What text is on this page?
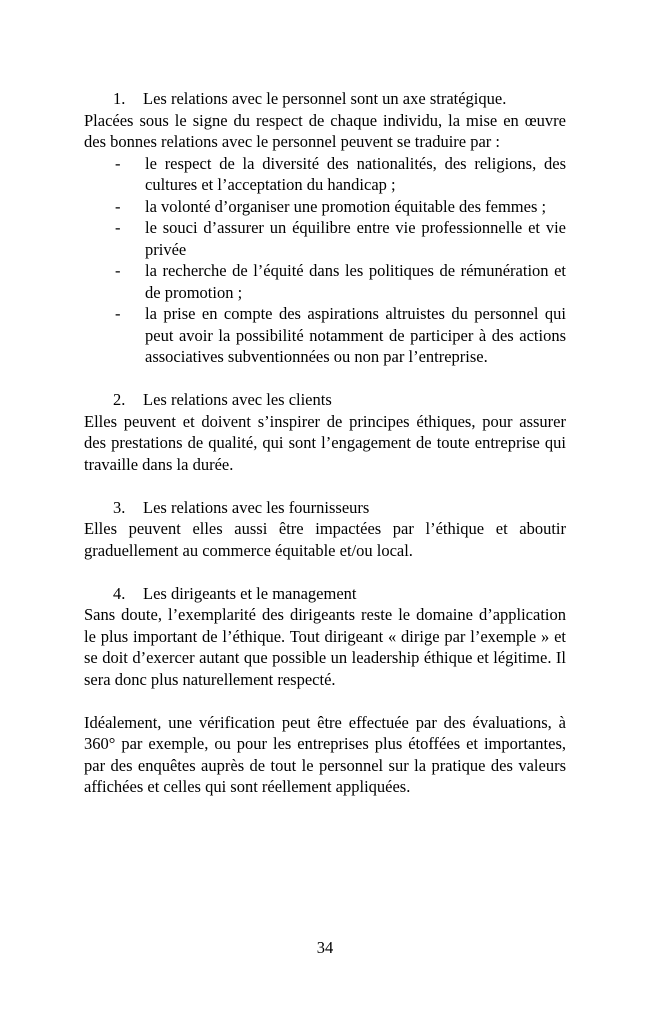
1. Les relations avec le personnel sont un axe stratégique.

Placées sous le signe du respect de chaque individu, la mise en œuvre des bonnes relations avec le personnel peuvent se traduire par :

- le respect de la diversité des nationalités, des religions, des cultures et l’acceptation du handicap ;
- la volonté d’organiser une promotion équitable des femmes ;
- le souci d’assurer un équilibre entre vie professionnelle et vie privée
- la recherche de l’équité dans les politiques de rémunération et de promotion ;
- la prise en compte des aspirations altruistes du personnel qui peut avoir la possibilité notamment de participer à des actions associatives subventionnées ou non par l’entreprise.

2. Les relations avec les clients

Elles peuvent et doivent s’inspirer de principes éthiques, pour assurer des prestations de qualité, qui sont l’engagement de toute entreprise qui travaille dans la durée.

3. Les relations avec les fournisseurs

Elles peuvent elles aussi être impactées par l’éthique et aboutir graduellement au commerce équitable et/ou local.

4. Les dirigeants et le management

Sans doute, l’exemplarité des dirigeants reste le domaine d’application le plus important de l’éthique. Tout dirigeant « dirige par l’exemple » et se doit d’exercer autant que possible un leadership éthique et légitime. Il sera donc plus naturellement respecté.

Idéalement, une vérification peut être effectuée par des évaluations, à 360° par exemple, ou pour les entreprises plus étoffées et importantes, par des enquêtes auprès de tout le personnel sur la pratique des valeurs affichées et celles qui sont réellement appliquées.

34
